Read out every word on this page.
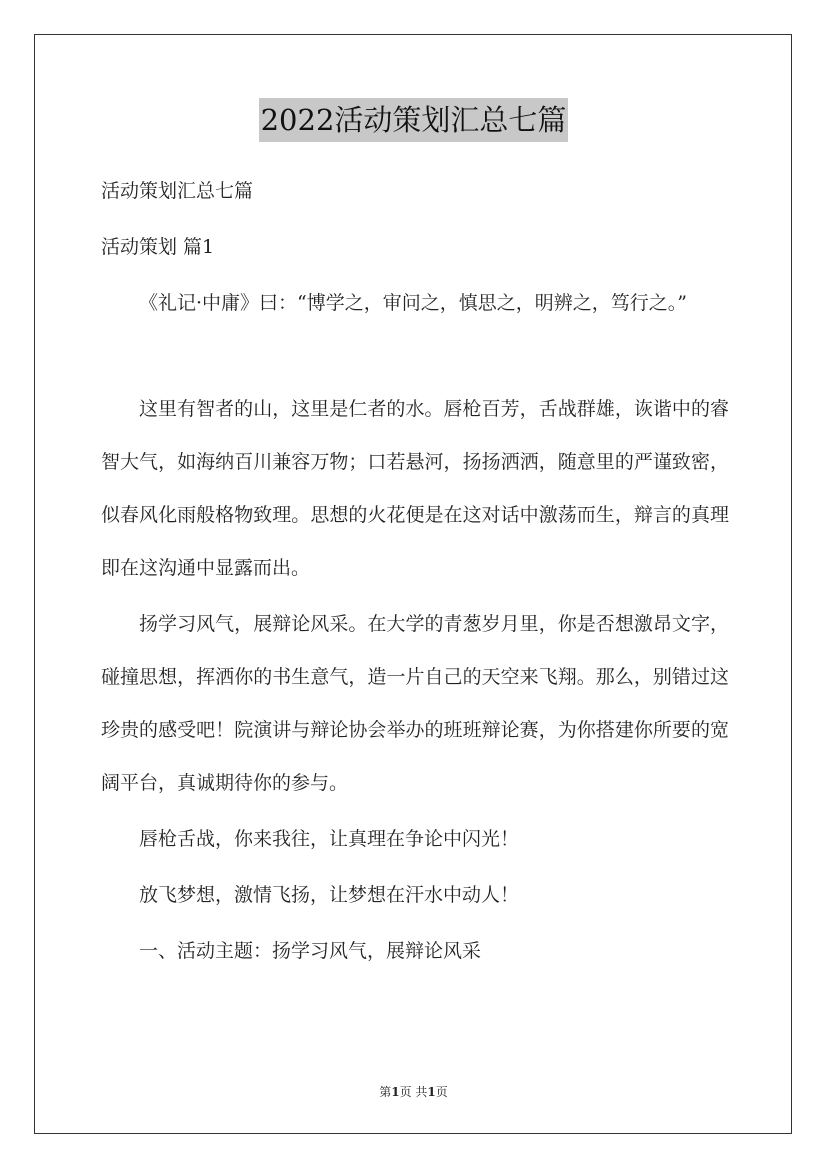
2022活动策划汇总七篇

活动策划汇总七篇

活动策划 篇1

《礼记·中庸》曰：“博学之，审问之，慎思之，明辨之，笃行之。”

这里有智者的山，这里是仁者的水。唇枪百芳，舌战群雄，诙谐中的睿智大气，如海纳百川兼容万物；口若悬河，扬扬洒洒，随意里的严谨致密，似春风化雨般格物致理。思想的火花便是在这对话中激荡而生，辩言的真理即在这沟通中显露而出。

扬学习风气，展辩论风采。在大学的青葱岁月里，你是否想激昂文字，碰撞思想，挥洒你的书生意气，造一片自己的天空来飞翔。那么，别错过这珍贵的感受吧！院演讲与辩论协会举办的班班辩论赛，为你搭建你所要的宽阔平台，真诚期待你的参与。

唇枪舌战，你来我往，让真理在争论中闪光！

放飞梦想，激情飞扬，让梦想在汗水中动人！

一、活动主题：扬学习风气，展辩论风采

第1页 共1页
